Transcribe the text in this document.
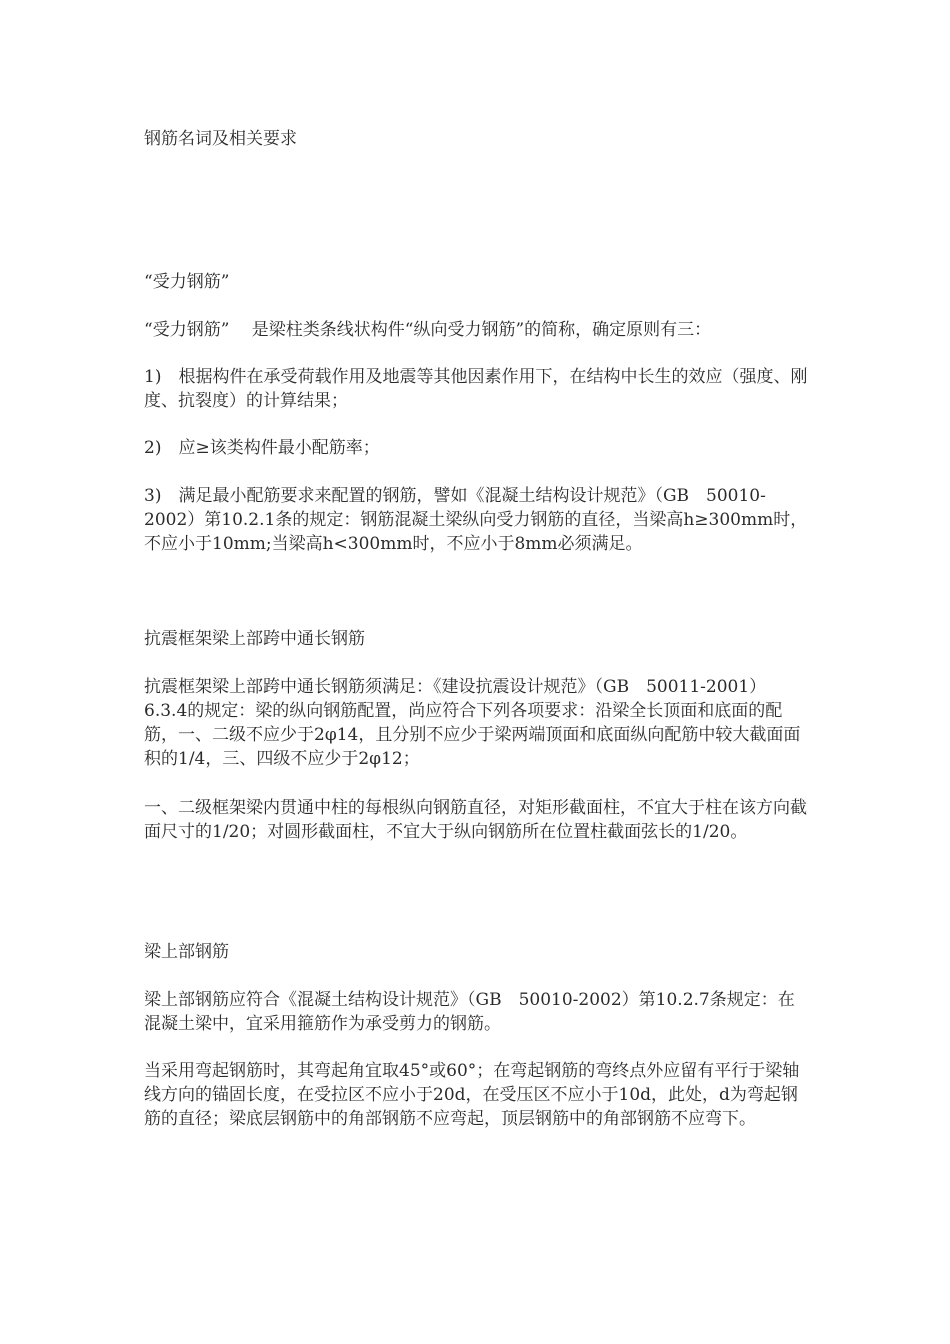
钢筋名词及相关要求

“受力钢筋”

“受力钢筋”　 是梁柱类条线状构件“纵向受力钢筋”的简称，确定原则有三：

1)　根据构件在承受荷载作用及地震等其他因素作用下，在结构中长生的效应（强度、刚度、抗裂度）的计算结果；

2)　应≥该类构件最小配筋率；

3)　满足最小配筋要求来配置的钢筋，譬如《混凝土结构设计规范》（GB　50010-2002）第10.2.1条的规定：钢筋混凝土梁纵向受力钢筋的直径，当梁高h≥300mm时，不应小于10mm;当梁高h<300mm时，不应小于8mm必须满足。

抗震框架梁上部跨中通长钢筋

抗震框架梁上部跨中通长钢筋须满足：《建设抗震设计规范》（GB　50011-2001）6.3.4的规定：梁的纵向钢筋配置，尚应符合下列各项要求：沿梁全长顶面和底面的配筋，一、二级不应少于2φ14，且分别不应少于梁两端顶面和底面纵向配筋中较大截面面积的1/4，三、四级不应少于2φ12；

一、二级框架梁内贯通中柱的每根纵向钢筋直径，对矩形截面柱，不宜大于柱在该方向截面尺寸的1/20；对圆形截面柱，不宜大于纵向钢筋所在位置柱截面弦长的1/20。

梁上部钢筋

梁上部钢筋应符合《混凝土结构设计规范》（GB　50010-2002）第10.2.7条规定：在混凝土梁中，宜采用箍筋作为承受剪力的钢筋。

当采用弯起钢筋时，其弯起角宜取45°或60°；在弯起钢筋的弯终点外应留有平行于梁轴线方向的锚固长度，在受拉区不应小于20d，在受压区不应小于10d，此处，d为弯起钢筋的直径；梁底层钢筋中的角部钢筋不应弯起，顶层钢筋中的角部钢筋不应弯下。
